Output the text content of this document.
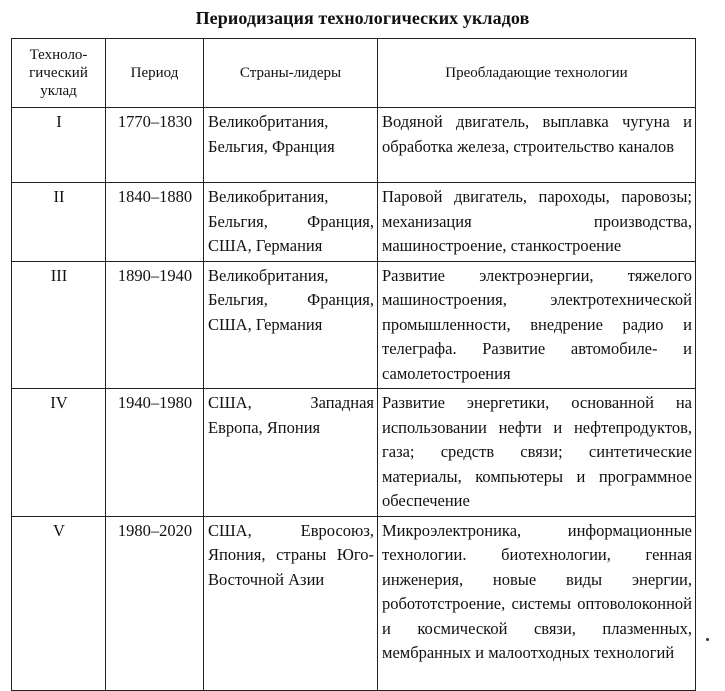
Периодизация технологических укладов
Техноло-гический уклад	Период	Страны-лидеры	Преобладающие технологии
I	1770–1830	Великобритания, Бельгия, Франция	Водяной двигатель, выплавка чугуна и обработка железа, строительство каналов
II	1840–1880	Великобритания, Бельгия, Франция, США, Германия	Паровой двигатель, пароходы, паровозы; механизация производства, машиностроение, станкостроение
III	1890–1940	Великобритания, Бельгия, Франция, США, Германия	Развитие электроэнергии, тяжелого машиностроения, электротехнической промышленности, внедрение радио и телеграфа. Развитие автомобиле- и самолетостроения
IV	1940–1980	США, Западная Европа, Япония	Развитие энергетики, основанной на использовании нефти и нефтепродуктов, газа; средств связи; синтетические материалы, компьютеры и программное обеспечение
V	1980–2020	США, Евросоюз, Япония, страны Юго-Восточной Азии	Микроэлектроника, информационные технологии. биотехнологии, генная инженерия, новые виды энергии, робототстроение, системы оптоволоконной и космической связи, плазменных, мембранных и малоотходных технологий
